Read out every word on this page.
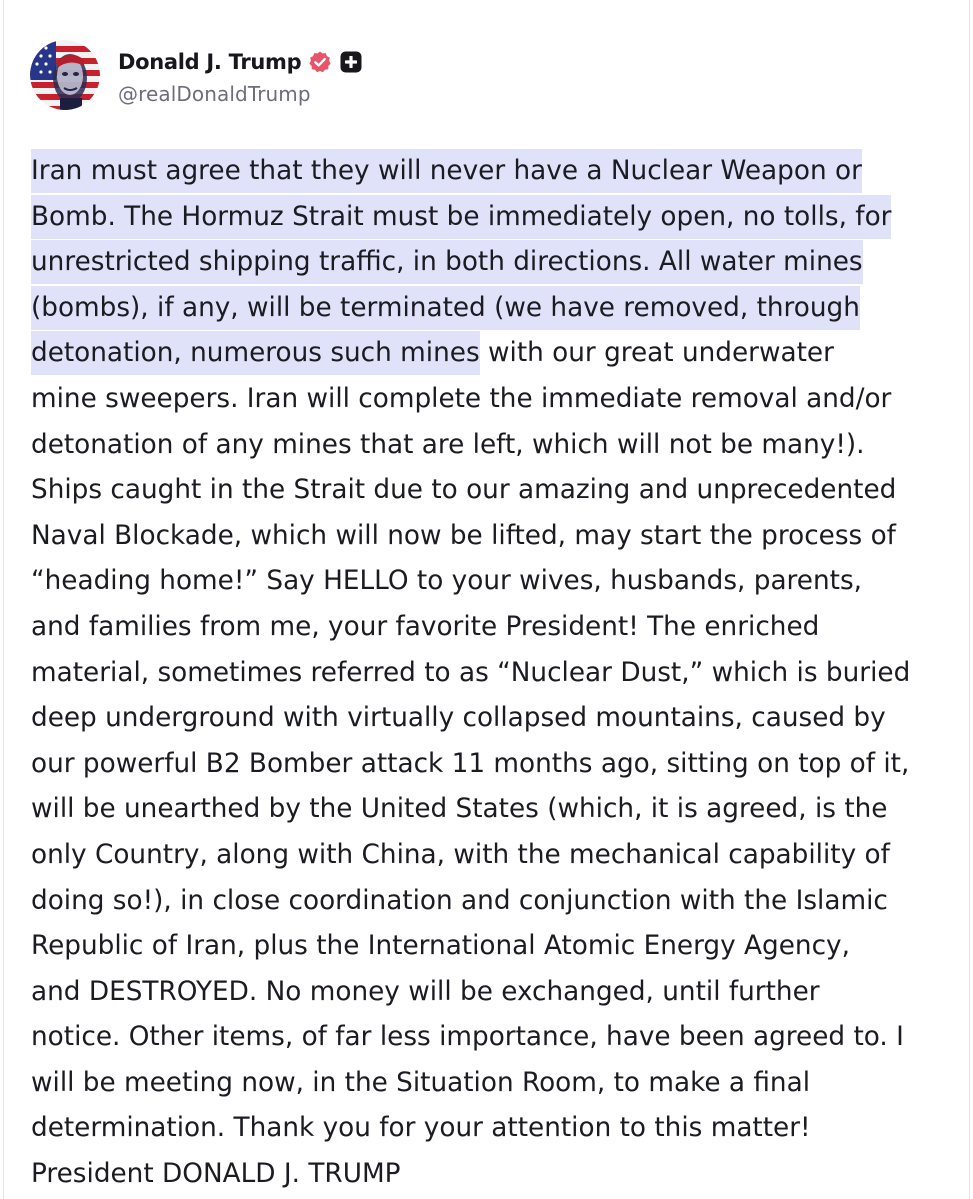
Donald J. Trump
@realDonaldTrump

Iran must agree that they will never have a Nuclear Weapon or
Bomb. The Hormuz Strait must be immediately open, no tolls, for
unrestricted shipping traffic, in both directions. All water mines
(bombs), if any, will be terminated (we have removed, through
detonation, numerous such mines with our great underwater
mine sweepers. Iran will complete the immediate removal and/or
detonation of any mines that are left, which will not be many!).
Ships caught in the Strait due to our amazing and unprecedented
Naval Blockade, which will now be lifted, may start the process of
“heading home!” Say HELLO to your wives, husbands, parents,
and families from me, your favorite President! The enriched
material, sometimes referred to as “Nuclear Dust,” which is buried
deep underground with virtually collapsed mountains, caused by
our powerful B2 Bomber attack 11 months ago, sitting on top of it,
will be unearthed by the United States (which, it is agreed, is the
only Country, along with China, with the mechanical capability of
doing so!), in close coordination and conjunction with the Islamic
Republic of Iran, plus the International Atomic Energy Agency,
and DESTROYED. No money will be exchanged, until further
notice. Other items, of far less importance, have been agreed to. I
will be meeting now, in the Situation Room, to make a final
determination. Thank you for your attention to this matter!
President DONALD J. TRUMP
